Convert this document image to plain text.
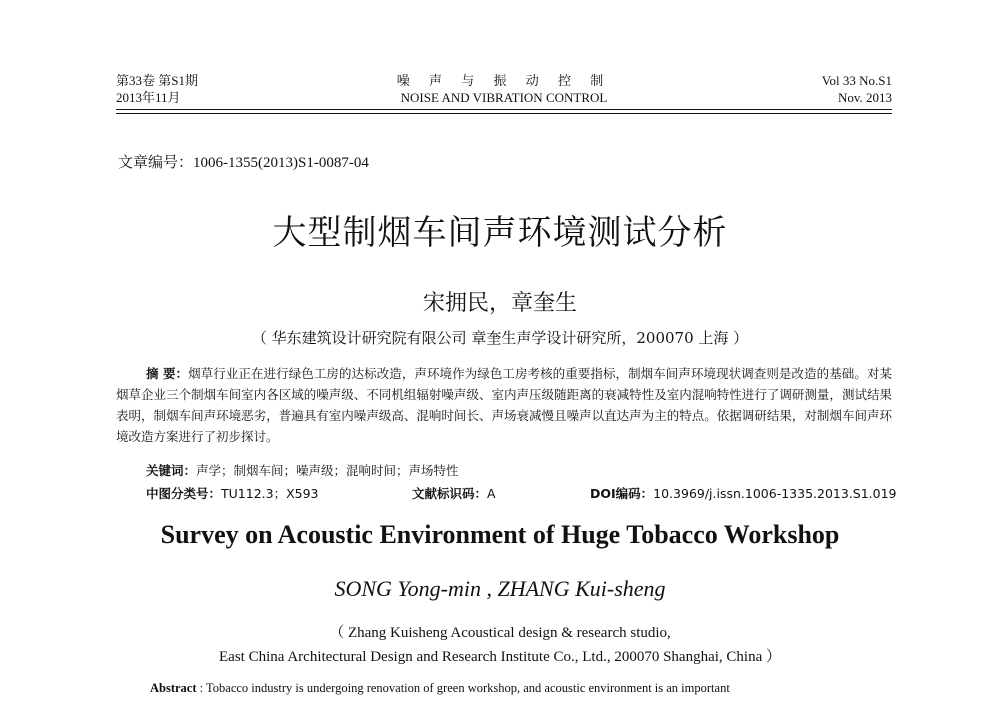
第33卷 第S1期
2013年11月
噪 声 与 振 动 控 制
NOISE AND VIBRATION CONTROL
Vol 33 No.S1
Nov. 2013
文章编号：1006-1355(2013)S1-0087-04
大型制烟车间声环境测试分析
宋拥民，章奎生
（ 华东建筑设计研究院有限公司 章奎生声学设计研究所，200070 上海 ）
摘 要：烟草行业正在进行绿色工房的达标改造，声环境作为绿色工房考核的重要指标，制烟车间声环境现状调查则是改造的基础。对某烟草企业三个制烟车间室内各区域的噪声级、不同机组辐射噪声级、室内声压级随距离的衰减特性及室内混响特性进行了调研测量，测试结果表明，制烟车间声环境恶劣，普遍具有室内噪声级高、混响时间长、声场衰减慢且噪声以直达声为主的特点。依据调研结果，对制烟车间声环境改造方案进行了初步探讨。
关键词：声学；制烟车间；噪声级；混响时间；声场特性
中图分类号：TU112.3；X593	文献标识码：A	DOI编码：10.3969/j.issn.1006-1335.2013.S1.019
Survey on Acoustic Environment of Huge Tobacco Workshop
SONG Yong-min , ZHANG Kui-sheng
（ Zhang Kuisheng Acoustical design & research studio,
East China Architectural Design and Research Institute Co., Ltd., 200070 Shanghai, China ）
Abstract : Tobacco industry is undergoing renovation of green workshop, and acoustic environment is an important
